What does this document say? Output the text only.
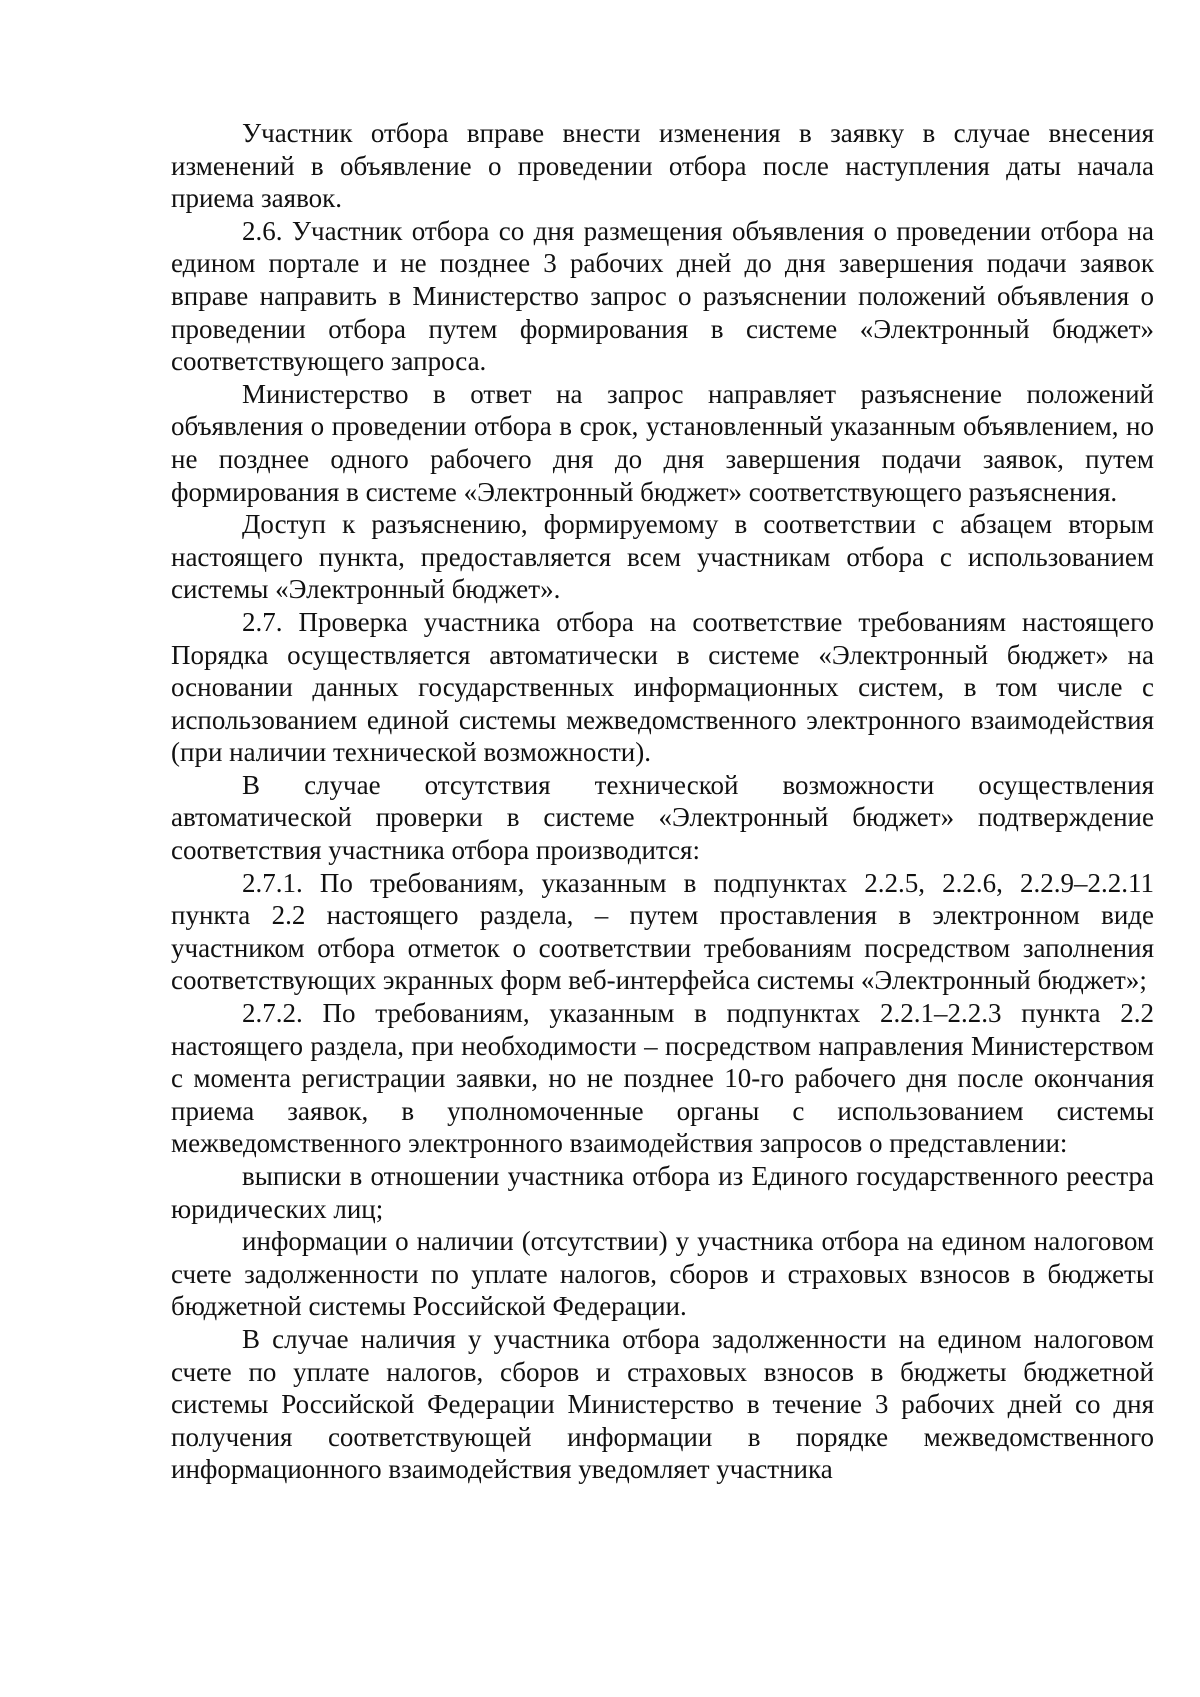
Участник отбора вправе внести изменения в заявку в случае внесения изменений в объявление о проведении отбора после наступления даты начала приема заявок.

2.6. Участник отбора со дня размещения объявления о проведении отбора на едином портале и не позднее 3 рабочих дней до дня завершения подачи заявок вправе направить в Министерство запрос о разъяснении положений объявления о проведении отбора путем формирования в системе «Электронный бюджет» соответствующего запроса.

Министерство в ответ на запрос направляет разъяснение положений объявления о проведении отбора в срок, установленный указанным объявлением, но не позднее одного рабочего дня до дня завершения подачи заявок, путем формирования в системе «Электронный бюджет» соответствующего разъяснения.

Доступ к разъяснению, формируемому в соответствии с абзацем вторым настоящего пункта, предоставляется всем участникам отбора с использованием системы «Электронный бюджет».

2.7. Проверка участника отбора на соответствие требованиям настоящего Порядка осуществляется автоматически в системе «Электронный бюджет» на основании данных государственных информационных систем, в том числе с использованием единой системы межведомственного электронного взаимодействия (при наличии технической возможности).

В случае отсутствия технической возможности осуществления автоматической проверки в системе «Электронный бюджет» подтверждение соответствия участника отбора производится:

2.7.1. По требованиям, указанным в подпунктах 2.2.5, 2.2.6, 2.2.9–2.2.11 пункта 2.2 настоящего раздела, – путем проставления в электронном виде участником отбора отметок о соответствии требованиям посредством заполнения соответствующих экранных форм веб-интерфейса системы «Электронный бюджет»;

2.7.2. По требованиям, указанным в подпунктах 2.2.1–2.2.3 пункта 2.2 настоящего раздела, при необходимости – посредством направления Министерством с момента регистрации заявки, но не позднее 10-го рабочего дня после окончания приема заявок, в уполномоченные органы с использованием системы межведомственного электронного взаимодействия запросов о представлении:

выписки в отношении участника отбора из Единого государственного реестра юридических лиц;

информации о наличии (отсутствии) у участника отбора на едином налоговом счете задолженности по уплате налогов, сборов и страховых взносов в бюджеты бюджетной системы Российской Федерации.

В случае наличия у участника отбора задолженности на едином налоговом счете по уплате налогов, сборов и страховых взносов в бюджеты бюджетной системы Российской Федерации Министерство в течение 3 рабочих дней со дня получения соответствующей информации в порядке межведомственного информационного взаимодействия уведомляет участника
